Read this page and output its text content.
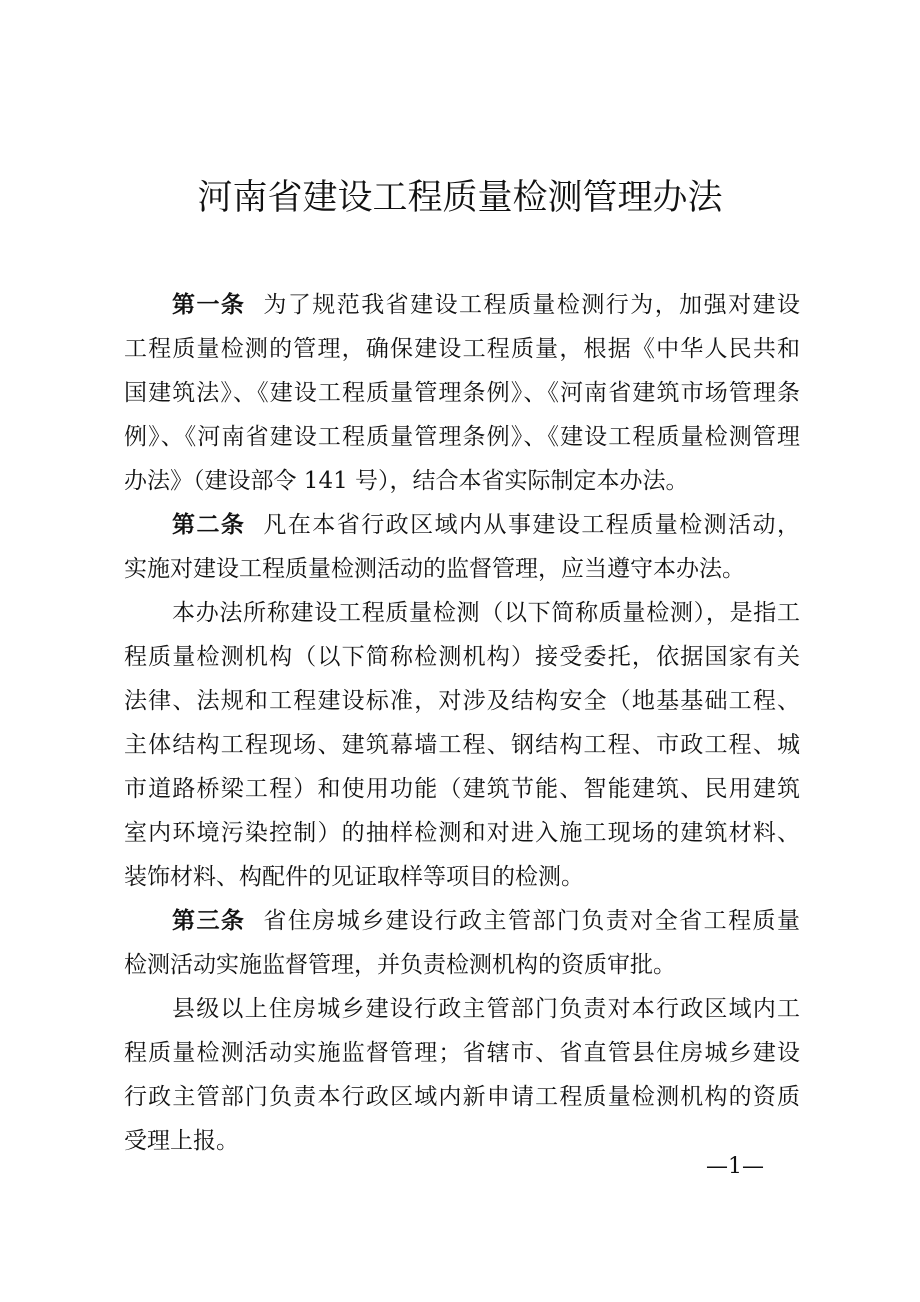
河南省建设工程质量检测管理办法
第一条 为了规范我省建设工程质量检测行为，加强对建设
工程质量检测的管理，确保建设工程质量，根据《中华人民共和
国建筑法》、《建设工程质量管理条例》、《河南省建筑市场管理条
例》、《河南省建设工程质量管理条例》、《建设工程质量检测管理
办法》（建设部令 141 号），结合本省实际制定本办法。
第二条 凡在本省行政区域内从事建设工程质量检测活动，
实施对建设工程质量检测活动的监督管理，应当遵守本办法。
本办法所称建设工程质量检测（以下简称质量检测），是指工
程质量检测机构（以下简称检测机构）接受委托，依据国家有关
法律、法规和工程建设标准，对涉及结构安全（地基基础工程、
主体结构工程现场、建筑幕墙工程、钢结构工程、市政工程、城
市道路桥梁工程）和使用功能（建筑节能、智能建筑、民用建筑
室内环境污染控制）的抽样检测和对进入施工现场的建筑材料、
装饰材料、构配件的见证取样等项目的检测。
第三条 省住房城乡建设行政主管部门负责对全省工程质量
检测活动实施监督管理，并负责检测机构的资质审批。
县级以上住房城乡建设行政主管部门负责对本行政区域内工
程质量检测活动实施监督管理；省辖市、省直管县住房城乡建设
行政主管部门负责本行政区域内新申请工程质量检测机构的资质
受理上报。
—1—
